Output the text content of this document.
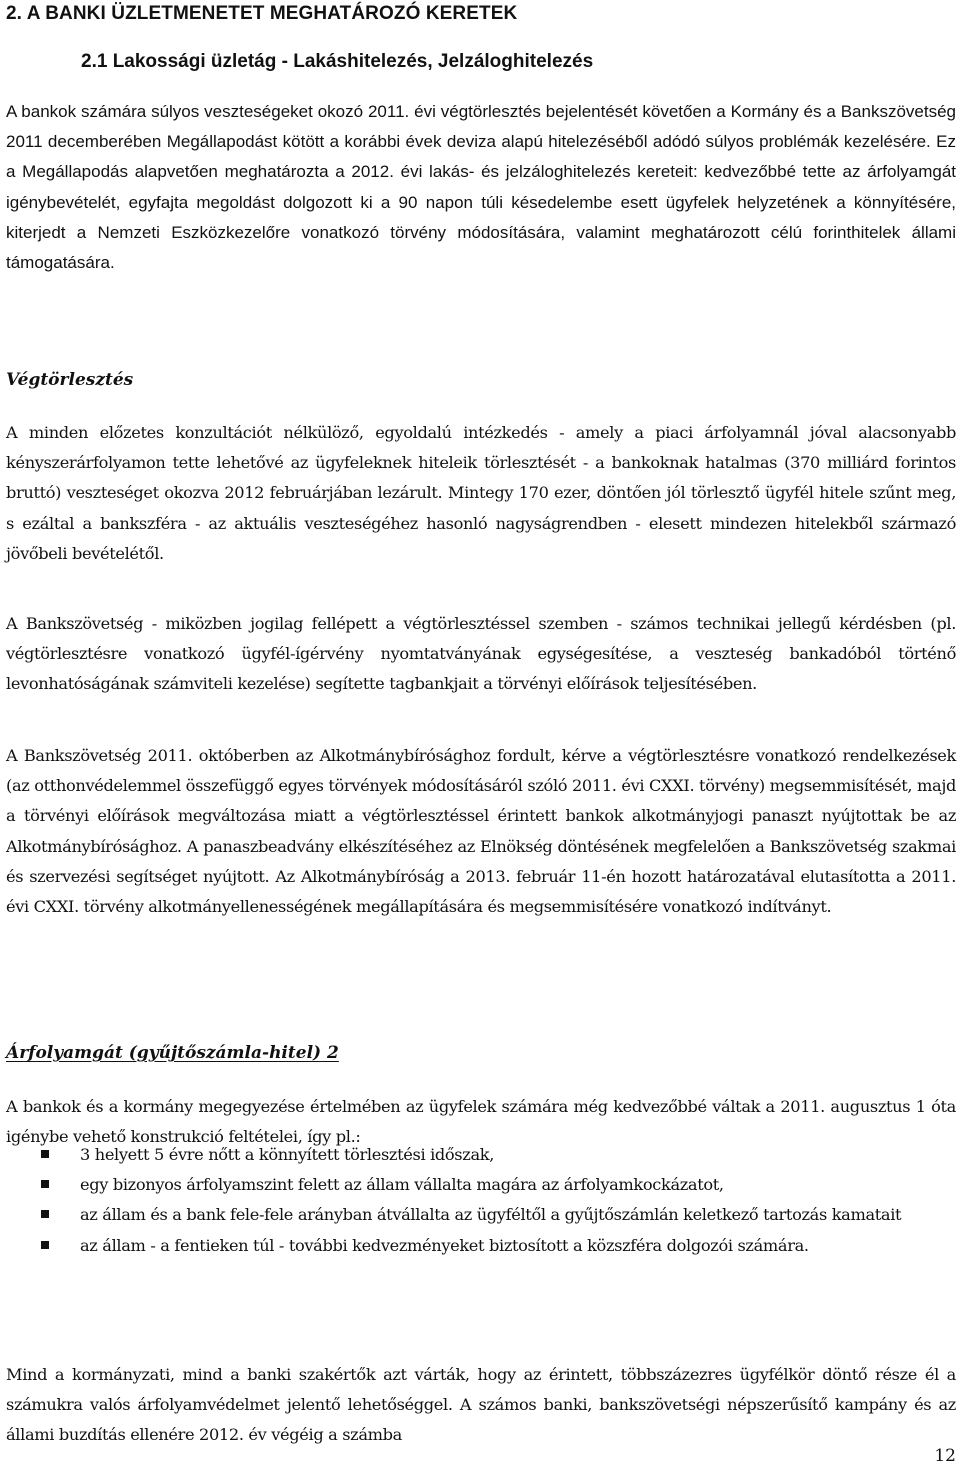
2. A BANKI ÜZLETMENETET MEGHATÁROZÓ KERETEK
2.1 Lakossági üzletág - Lakáshitelezés, Jelzáloghitelezés

A bankok számára súlyos veszteségeket okozó 2011. évi végtörlesztés bejelentését követően a Kormány és a Bankszövetség 2011 decemberében Megállapodást kötött a korábbi évek deviza alapú hitelezéséből adódó súlyos problémák kezelésére. Ez a Megállapodás alapvetően meghatározta a 2012. évi lakás- és jelzáloghitelezés kereteit: kedvezőbbé tette az árfolyamgát igénybevételét, egyfajta megoldást dolgozott ki a 90 napon túli késedelembe esett ügyfelek helyzetének a könnyítésére, kiterjedt a Nemzeti Eszközkezelőre vonatkozó törvény módosítására, valamint meghatározott célú forinthitelek állami támogatására.

Végtörlesztés

A minden előzetes konzultációt nélkülöző, egyoldalú intézkedés - amely a piaci árfolyamnál jóval alacsonyabb kényszerárfolyamon tette lehetővé az ügyfeleknek hiteleik törlesztését - a bankoknak hatalmas (370 milliárd forintos bruttó) veszteséget okozva 2012 februárjában lezárult. Mintegy 170 ezer, döntően jól törlesztő ügyfél hitele szűnt meg, s ezáltal a bankszféra - az aktuális veszteségéhez hasonló nagyságrendben - elesett mindezen hitelekből származó jövőbeli bevételétől.

A Bankszövetség - miközben jogilag fellépett a végtörlesztéssel szemben - számos technikai jellegű kérdésben (pl. végtörlesztésre vonatkozó ügyfél-ígérvény nyomtatványának egységesítése, a veszteség bankadóból történő levonhatóságának számviteli kezelése) segítette tagbankjait a törvényi előírások teljesítésében.

A Bankszövetség 2011. októberben az Alkotmánybírósághoz fordult, kérve a végtörlesztésre vonatkozó rendelkezések (az otthonvédelemmel összefüggő egyes törvények módosításáról szóló 2011. évi CXXI. törvény) megsemmisítését, majd a törvényi előírások megváltozása miatt a végtörlesztéssel érintett bankok alkotmányjogi panaszt nyújtottak be az Alkotmánybírósághoz. A panaszbeadvány elkészítéséhez az Elnökség döntésének megfelelően a Bankszövetség szakmai és szervezési segítséget nyújtott. Az Alkotmánybíróság a 2013. február 11-én hozott határozatával elutasította a 2011. évi CXXI. törvény alkotmányellenességének megállapítására és megsemmisítésére vonatkozó indítványt.

Árfolyamgát (gyűjtőszámla-hitel) 2

A bankok és a kormány megegyezése értelmében az ügyfelek számára még kedvezőbbé váltak a 2011. augusztus 1 óta igénybe vehető konstrukció feltételei, így pl.:

3 helyett 5 évre nőtt a könnyített törlesztési időszak,
egy bizonyos árfolyamszint felett az állam vállalta magára az árfolyamkockázatot,
az állam és a bank fele-fele arányban átvállalta az ügyféltől a gyűjtőszámlán keletkező tartozás kamatait
az állam - a fentieken túl - további kedvezményeket biztosított a közszféra dolgozói számára.

Mind a kormányzati, mind a banki szakértők azt várták, hogy az érintett, többszázezres ügyfélkör döntő része él a számukra valós árfolyamvédelmet jelentő lehetőséggel. A számos banki, bankszövetségi népszerűsítő kampány és az állami buzdítás ellenére 2012. év végéig a számba

12
